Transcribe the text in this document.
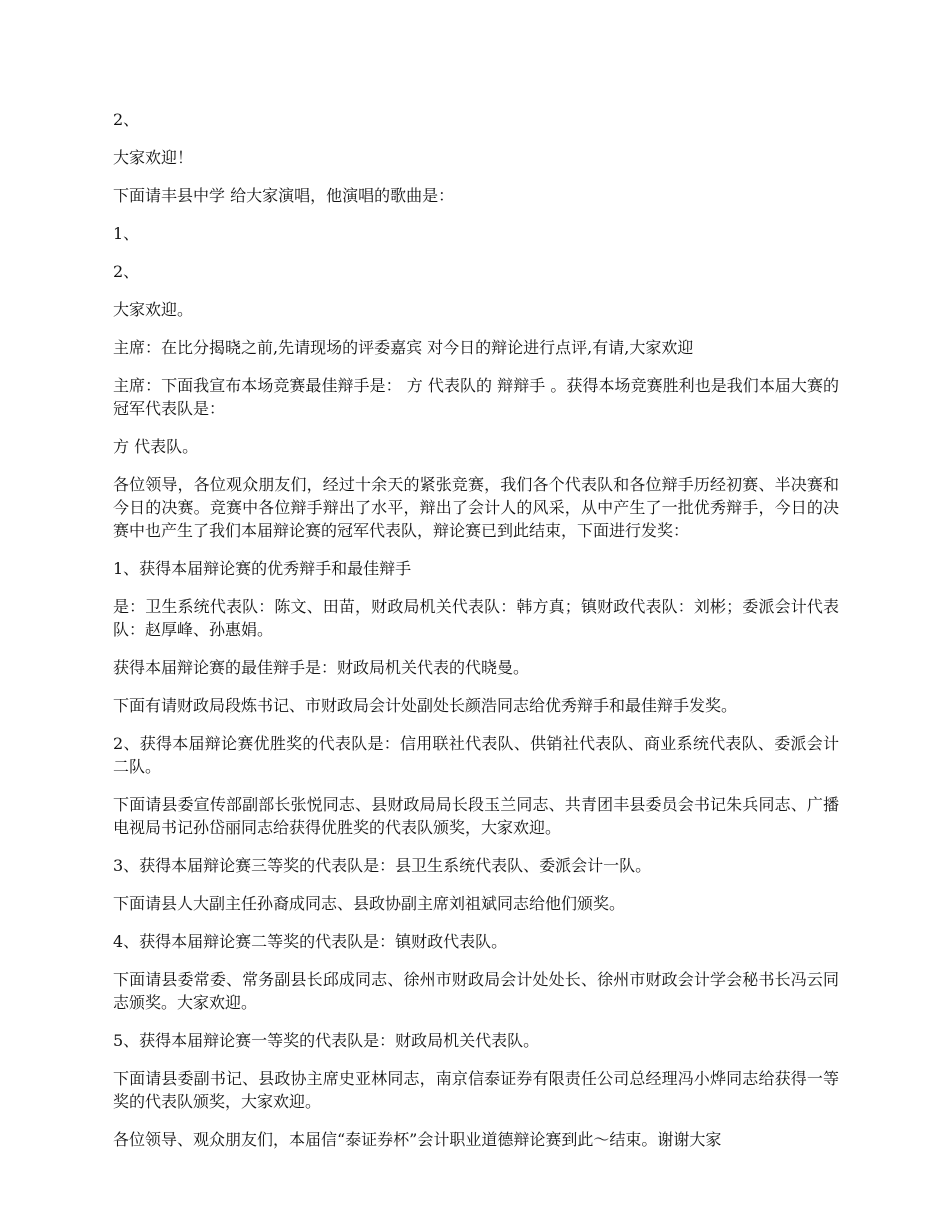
2、

大家欢迎！

下面请丰县中学 给大家演唱，他演唱的歌曲是：

1、

2、

大家欢迎。

主席：在比分揭晓之前,先请现场的评委嘉宾 对今日的辩论进行点评,有请,大家欢迎

主席：下面我宣布本场竞赛最佳辩手是： 方 代表队的 辩辩手 。获得本场竞赛胜利也是我们本届大赛的冠军代表队是：

方 代表队。

各位领导，各位观众朋友们，经过十余天的紧张竞赛，我们各个代表队和各位辩手历经初赛、半决赛和今日的决赛。竞赛中各位辩手辩出了水平，辩出了会计人的风采，从中产生了一批优秀辩手，今日的决赛中也产生了我们本届辩论赛的冠军代表队，辩论赛已到此结束，下面进行发奖：

1、获得本届辩论赛的优秀辩手和最佳辩手

是：卫生系统代表队：陈文、田苗，财政局机关代表队：韩方真；镇财政代表队：刘彬；委派会计代表队：赵厚峰、孙惠娟。

获得本届辩论赛的最佳辩手是：财政局机关代表的代晓曼。

下面有请财政局段炼书记、市财政局会计处副处长颜浩同志给优秀辩手和最佳辩手发奖。

2、获得本届辩论赛优胜奖的代表队是：信用联社代表队、供销社代表队、商业系统代表队、委派会计二队。

下面请县委宣传部副部长张悦同志、县财政局局长段玉兰同志、共青团丰县委员会书记朱兵同志、广播电视局书记孙岱丽同志给获得优胜奖的代表队颁奖，大家欢迎。

3、获得本届辩论赛三等奖的代表队是：县卫生系统代表队、委派会计一队。

下面请县人大副主任孙裔成同志、县政协副主席刘祖斌同志给他们颁奖。

4、获得本届辩论赛二等奖的代表队是：镇财政代表队。

下面请县委常委、常务副县长邱成同志、徐州市财政局会计处处长、徐州市财政会计学会秘书长冯云同志颁奖。大家欢迎。

5、获得本届辩论赛一等奖的代表队是：财政局机关代表队。

下面请县委副书记、县政协主席史亚林同志，南京信泰证券有限责任公司总经理冯小烨同志给获得一等奖的代表队颁奖，大家欢迎。

各位领导、观众朋友们，本届信“泰证券杯”会计职业道德辩论赛到此～结束。谢谢大家
